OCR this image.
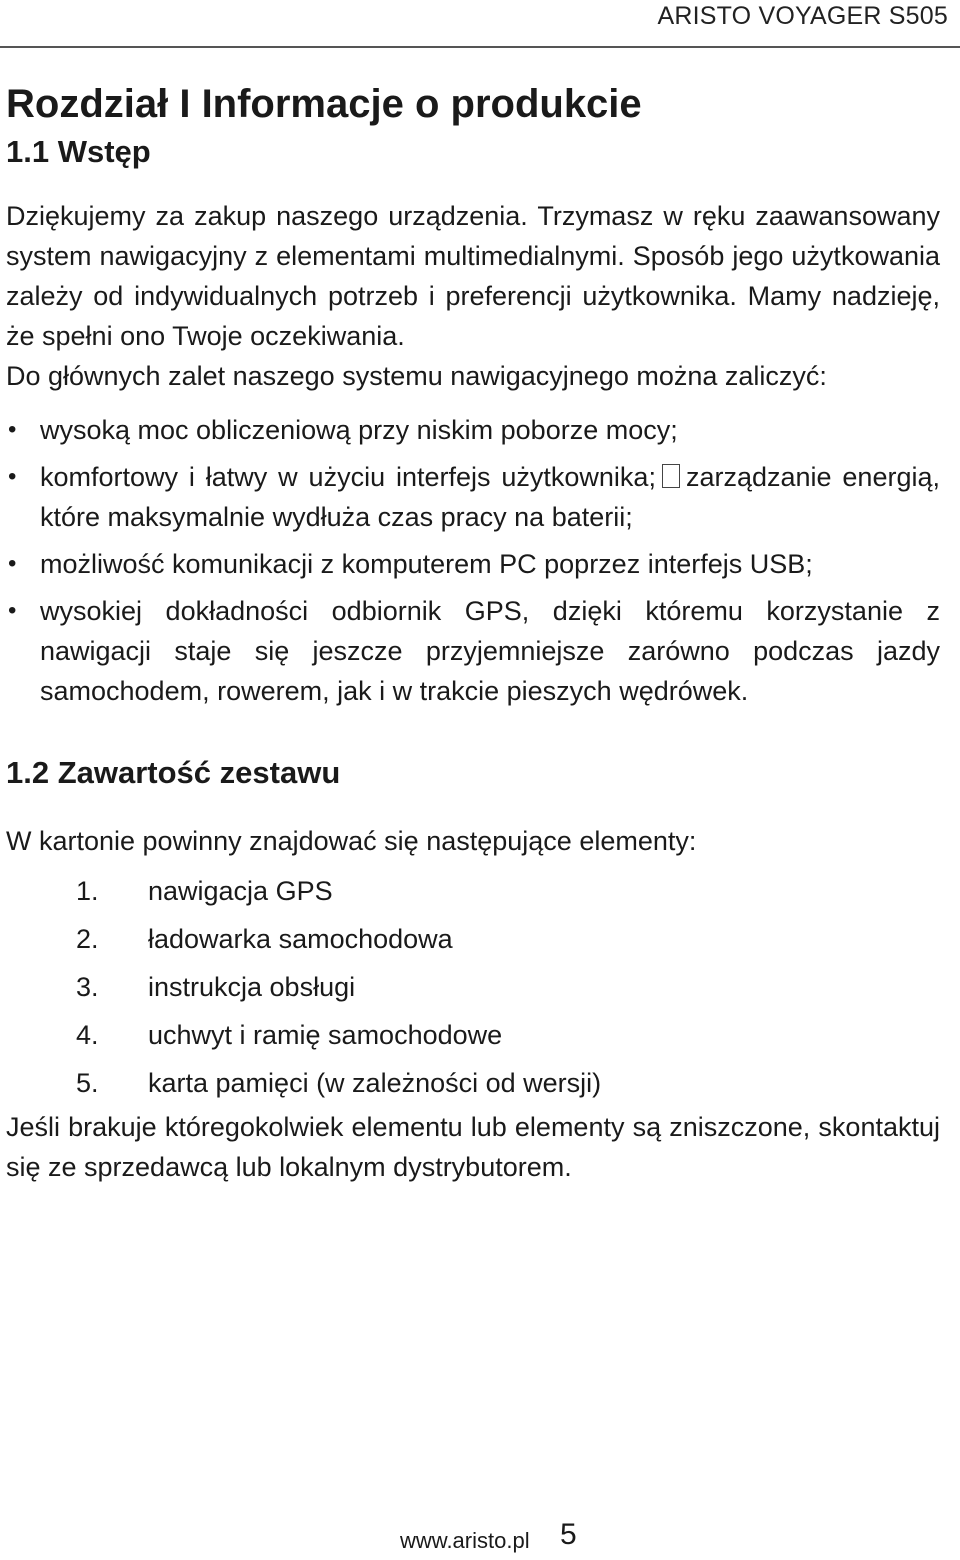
ARISTO VOYAGER S505
Rozdział I Informacje o produkcie
1.1 Wstęp

Dziękujemy za zakup naszego urządzenia. Trzymasz w ręku zaawansowany system nawigacyjny z elementami multimedialnymi. Sposób jego użytkowania zależy od indywidualnych potrzeb i preferencji użytkownika. Mamy nadzieję, że spełni ono Twoje oczekiwania.

Do głównych zalet naszego systemu nawigacyjnego można zaliczyć:

• wysoką moc obliczeniową przy niskim poborze mocy;
• komfortowy i łatwy w użyciu interfejs użytkownika; zarządzanie energią, które maksymalnie wydłuża czas pracy na baterii;
• możliwość komunikacji z komputerem PC poprzez interfejs USB;
• wysokiej dokładności odbiornik GPS, dzięki któremu korzystanie z nawigacji staje się jeszcze przyjemniejsze zarówno podczas jazdy samochodem, rowerem, jak i w trakcie pieszych wędrówek.
1.2 Zawartość zestawu

W kartonie powinny znajdować się następujące elementy:

1. nawigacja GPS
2. ładowarka samochodowa
3. instrukcja obsługi
4. uchwyt i ramię samochodowe
5. karta pamięci (w zależności od wersji)

Jeśli brakuje któregokolwiek elementu lub elementy są zniszczone, skontaktuj się ze sprzedawcą lub lokalnym dystrybutorem.

www.aristo.pl 5
